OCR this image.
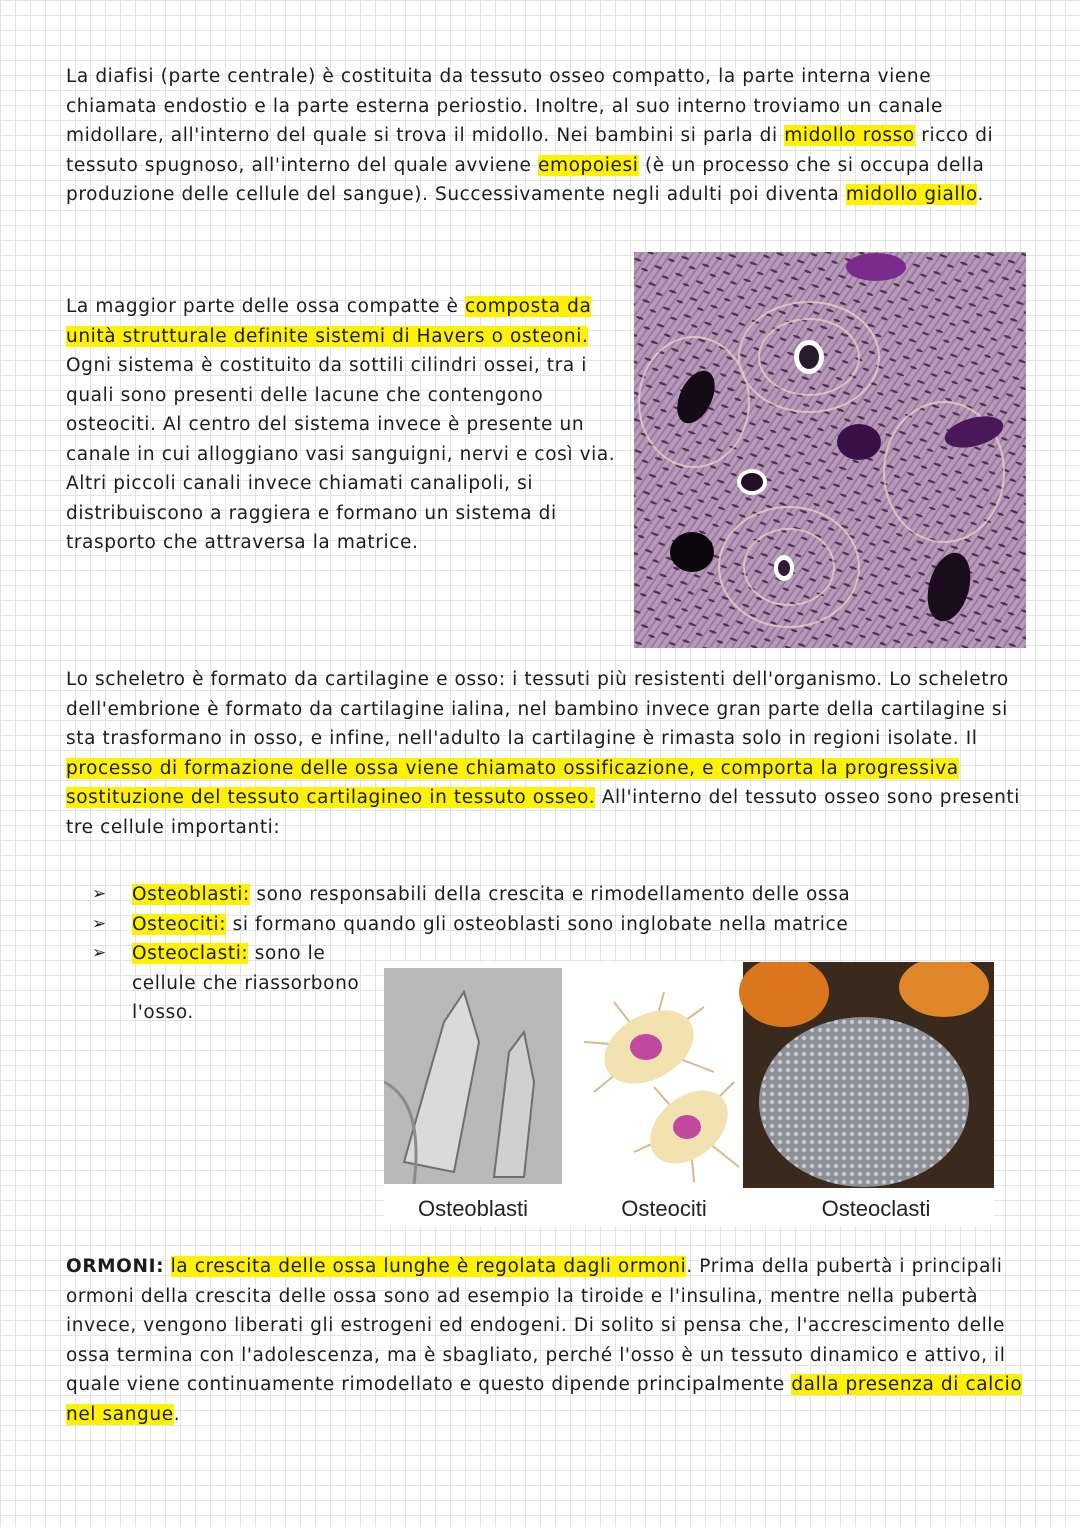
La diafisi (parte centrale) è costituita da tessuto osseo compatto, la parte interna viene chiamata endostio e la parte esterna periostio. Inoltre, al suo interno troviamo un canale midollare, all'interno del quale si trova il midollo. Nei bambini si parla di midollo rosso ricco di tessuto spugnoso, all'interno del quale avviene emopoiesi (è un processo che si occupa della produzione delle cellule del sangue). Successivamente negli adulti poi diventa midollo giallo.
La maggior parte delle ossa compatte è composta da unità strutturale definite sistemi di Havers o osteoni. Ogni sistema è costituito da sottili cilindri ossei, tra i quali sono presenti delle lacune che contengono osteociti. Al centro del sistema invece è presente un canale in cui alloggiano vasi sanguigni, nervi e così via. Altri piccoli canali invece chiamati canalipoli, si distribuiscono a raggiera e formano un sistema di trasporto che attraversa la matrice.
Lo scheletro è formato da cartilagine e osso: i tessuti più resistenti dell'organismo. Lo scheletro dell'embrione è formato da cartilagine ialina, nel bambino invece gran parte della cartilagine si sta trasformano in osso, e infine, nell'adulto la cartilagine è rimasta solo in regioni isolate. Il processo di formazione delle ossa viene chiamato ossificazione, e comporta la progressiva sostituzione del tessuto cartilagineo in tessuto osseo. All'interno del tessuto osseo sono presenti tre cellule importanti:
➢ Osteoblasti: sono responsabili della crescita e rimodellamento delle ossa
➢ Osteociti: si formano quando gli osteoblasti sono inglobate nella matrice
➢ Osteoclasti: sono le cellule che riassorbono l'osso.
Osteoblasti	Osteociti	Osteoclasti
ORMONI: la crescita delle ossa lunghe è regolata dagli ormoni. Prima della pubertà i principali ormoni della crescita delle ossa sono ad esempio la tiroide e l'insulina, mentre nella pubertà invece, vengono liberati gli estrogeni ed endogeni. Di solito si pensa che, l'accrescimento delle ossa termina con l'adolescenza, ma è sbagliato, perché l'osso è un tessuto dinamico e attivo, il quale viene continuamente rimodellato e questo dipende principalmente dalla presenza di calcio nel sangue.
